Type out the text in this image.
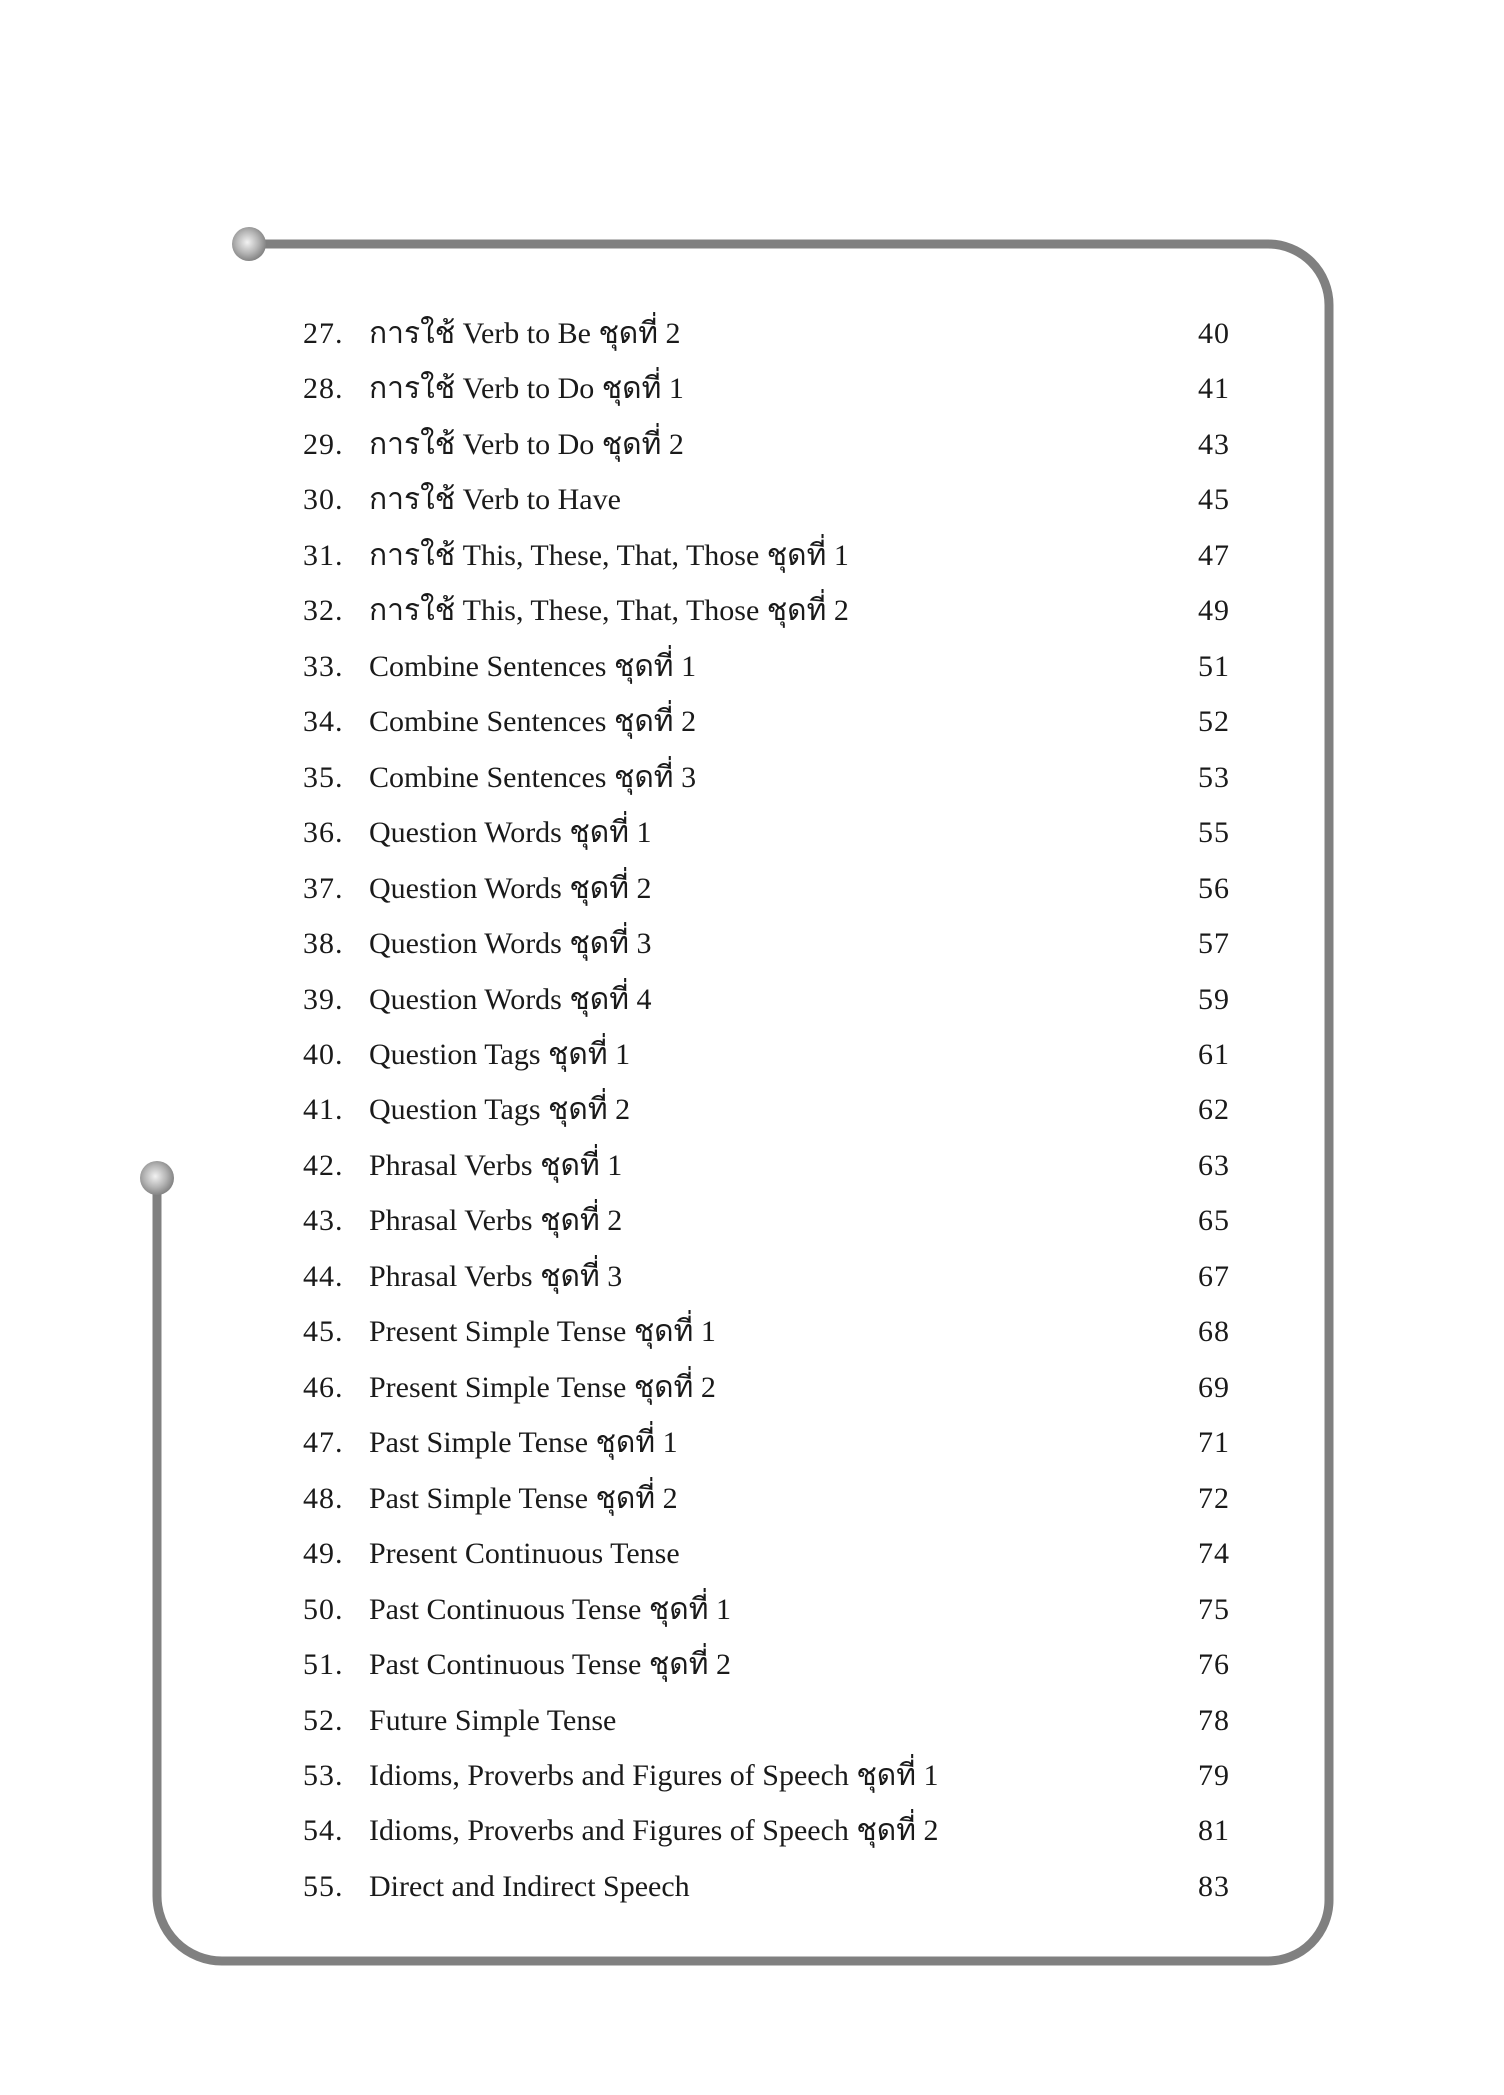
27. การใช้ Verb to Be ชุดที่ 2	40
28. การใช้ Verb to Do ชุดที่ 1	41
29. การใช้ Verb to Do ชุดที่ 2	43
30. การใช้ Verb to Have	45
31. การใช้ This, These, That, Those ชุดที่ 1	47
32. การใช้ This, These, That, Those ชุดที่ 2	49
33. Combine Sentences ชุดที่ 1	51
34. Combine Sentences ชุดที่ 2	52
35. Combine Sentences ชุดที่ 3	53
36. Question Words ชุดที่ 1	55
37. Question Words ชุดที่ 2	56
38. Question Words ชุดที่ 3	57
39. Question Words ชุดที่ 4	59
40. Question Tags ชุดที่ 1	61
41. Question Tags ชุดที่ 2	62
42. Phrasal Verbs ชุดที่ 1	63
43. Phrasal Verbs ชุดที่ 2	65
44. Phrasal Verbs ชุดที่ 3	67
45. Present Simple Tense ชุดที่ 1	68
46. Present Simple Tense ชุดที่ 2	69
47. Past Simple Tense ชุดที่ 1	71
48. Past Simple Tense ชุดที่ 2	72
49. Present Continuous Tense	74
50. Past Continuous Tense ชุดที่ 1	75
51. Past Continuous Tense ชุดที่ 2	76
52. Future Simple Tense	78
53. Idioms, Proverbs and Figures of Speech ชุดที่ 1	79
54. Idioms, Proverbs and Figures of Speech ชุดที่ 2	81
55. Direct and Indirect Speech	83
